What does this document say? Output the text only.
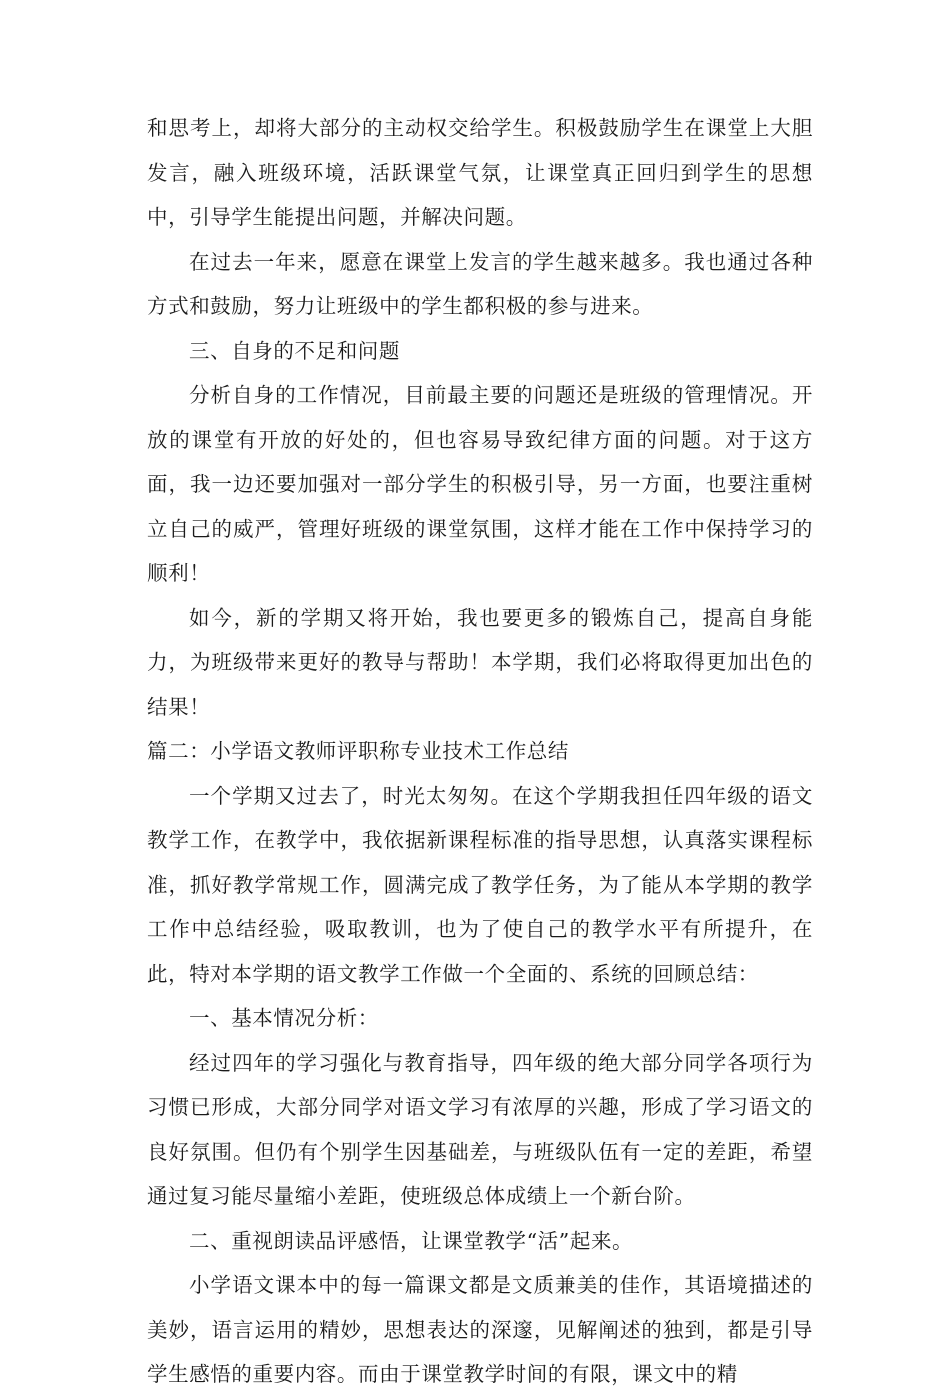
和思考上，却将大部分的主动权交给学生。积极鼓励学生在课堂上大胆发言，融入班级环境，活跃课堂气氛，让课堂真正回归到学生的思想中，引导学生能提出问题，并解决问题。

在过去一年来，愿意在课堂上发言的学生越来越多。我也通过各种方式和鼓励，努力让班级中的学生都积极的参与进来。

三、自身的不足和问题

分析自身的工作情况，目前最主要的问题还是班级的管理情况。开放的课堂有开放的好处的，但也容易导致纪律方面的问题。对于这方面，我一边还要加强对一部分学生的积极引导，另一方面，也要注重树立自己的威严，管理好班级的课堂氛围，这样才能在工作中保持学习的顺利！

如今，新的学期又将开始，我也要更多的锻炼自己，提高自身能力，为班级带来更好的教导与帮助！本学期，我们必将取得更加出色的结果！

篇二：小学语文教师评职称专业技术工作总结

一个学期又过去了，时光太匆匆。在这个学期我担任四年级的语文教学工作，在教学中，我依据新课程标准的指导思想，认真落实课程标准，抓好教学常规工作，圆满完成了教学任务，为了能从本学期的教学工作中总结经验，吸取教训，也为了使自己的教学水平有所提升，在此，特对本学期的语文教学工作做一个全面的、系统的回顾总结：

一、基本情况分析：

经过四年的学习强化与教育指导，四年级的绝大部分同学各项行为习惯已形成，大部分同学对语文学习有浓厚的兴趣，形成了学习语文的良好氛围。但仍有个别学生因基础差，与班级队伍有一定的差距，希望通过复习能尽量缩小差距，使班级总体成绩上一个新台阶。

二、重视朗读品评感悟，让课堂教学“活”起来。

小学语文课本中的每一篇课文都是文质兼美的佳作，其语境描述的美妙，语言运用的精妙，思想表达的深邃，见解阐述的独到，都是引导学生感悟的重要内容。而由于课堂教学时间的有限，课文中的精
